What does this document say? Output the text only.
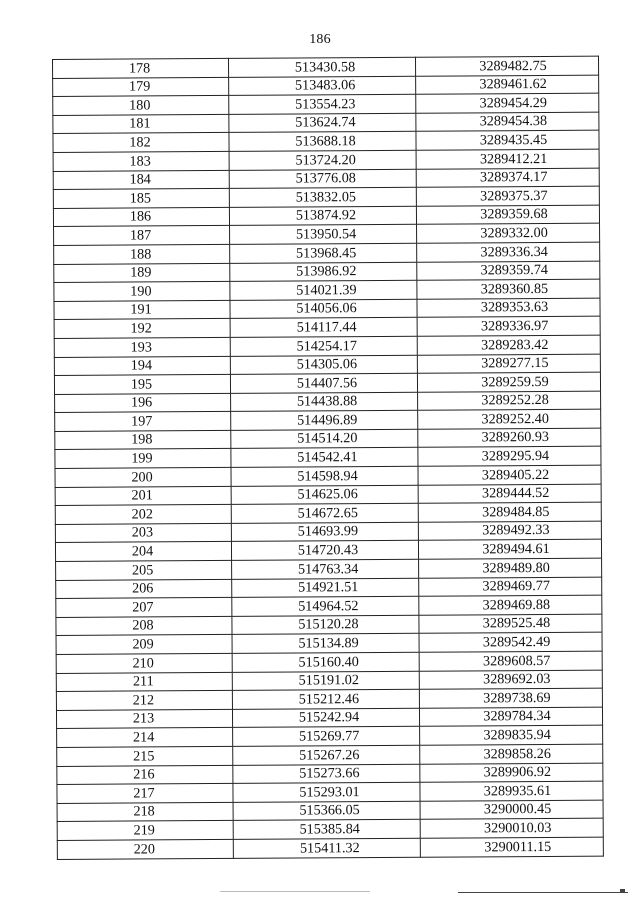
186
178	513430.58	3289482.75
179	513483.06	3289461.62
180	513554.23	3289454.29
181	513624.74	3289454.38
182	513688.18	3289435.45
183	513724.20	3289412.21
184	513776.08	3289374.17
185	513832.05	3289375.37
186	513874.92	3289359.68
187	513950.54	3289332.00
188	513968.45	3289336.34
189	513986.92	3289359.74
190	514021.39	3289360.85
191	514056.06	3289353.63
192	514117.44	3289336.97
193	514254.17	3289283.42
194	514305.06	3289277.15
195	514407.56	3289259.59
196	514438.88	3289252.28
197	514496.89	3289252.40
198	514514.20	3289260.93
199	514542.41	3289295.94
200	514598.94	3289405.22
201	514625.06	3289444.52
202	514672.65	3289484.85
203	514693.99	3289492.33
204	514720.43	3289494.61
205	514763.34	3289489.80
206	514921.51	3289469.77
207	514964.52	3289469.88
208	515120.28	3289525.48
209	515134.89	3289542.49
210	515160.40	3289608.57
211	515191.02	3289692.03
212	515212.46	3289738.69
213	515242.94	3289784.34
214	515269.77	3289835.94
215	515267.26	3289858.26
216	515273.66	3289906.92
217	515293.01	3289935.61
218	515366.05	3290000.45
219	515385.84	3290010.03
220	515411.32	3290011.15
